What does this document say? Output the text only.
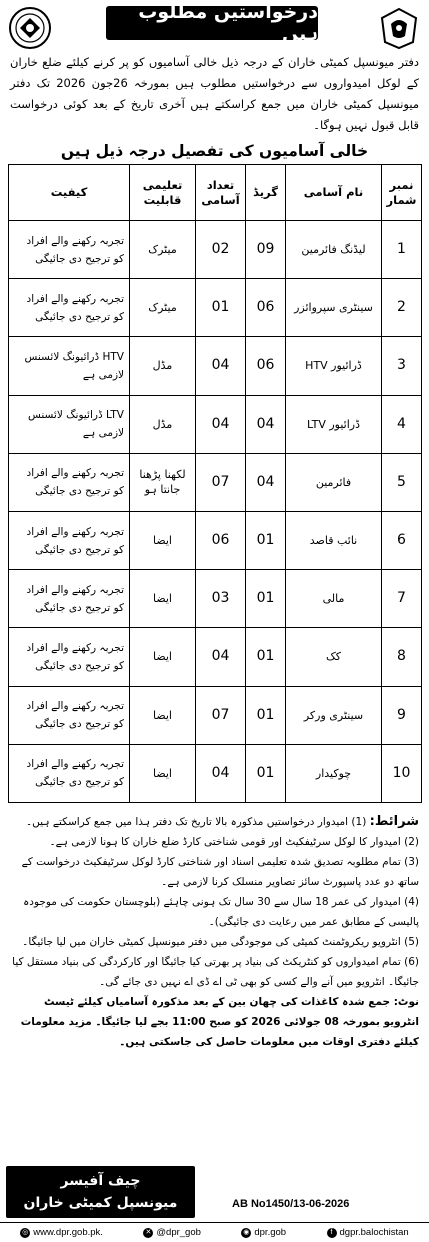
درخواستیں مطلوب ہیں

دفتر میونسپل کمیٹی خاران کے درجہ ذیل خالی آسامیوں کو پر کرنے کیلئے ضلع خاران کے لوکل امیدواروں سے درخواستیں مطلوب ہیں بمورخہ 26جون 2026 تک دفتر میونسپل کمیٹی خاران میں جمع کراسکتے ہیں آخری تاریخ کے بعد کوئی درخواست قابل قبول نہیں ہوگا۔

خالی آسامیوں کی تفصیل درجہ ذیل ہیں
نمبر شمار	نام آسامی	گریڈ	تعداد آسامی	تعلیمی قابلیت	کیفیت
1	لیڈنگ فائرمین	09	02	میٹرک	تجربہ رکھنے والے افراد کو ترجیح دی جائیگی
2	سینٹری سپروائزر	06	01	میٹرک	تجربہ رکھنے والے افراد کو ترجیح دی جائیگی
3	ڈرائیور HTV	06	04	مڈل	HTV ڈرائیونگ لائسنس لازمی ہے
4	ڈرائیور LTV	04	04	مڈل	LTV ڈرائیونگ لائسنس لازمی ہے
5	فائرمین	04	07	لکھنا پڑھنا جانتا ہو	تجربہ رکھنے والے افراد کو ترجیح دی جائیگی
6	نائب قاصد	01	06	ایضا	تجربہ رکھنے والے افراد کو ترجیح دی جائیگی
7	مالی	01	03	ایضا	تجربہ رکھنے والے افراد کو ترجیح دی جائیگی
8	کک	01	04	ایضا	تجربہ رکھنے والے افراد کو ترجیح دی جائیگی
9	سینٹری ورکر	01	07	ایضا	تجربہ رکھنے والے افراد کو ترجیح دی جائیگی
10	چوکیدار	01	04	ایضا	تجربہ رکھنے والے افراد کو ترجیح دی جائیگی

شرائط: (1) امیدوار درخواستیں مذکورہ بالا تاریخ تک دفتر ہذا میں جمع کراسکتے ہیں۔

(2) امیدوار کا لوکل سرٹیفکیٹ اور قومی شناختی کارڈ ضلع خاران کا ہونا لازمی ہے۔

(3) تمام مطلوبہ تصدیق شدہ تعلیمی اسناد اور شناختی کارڈ لوکل سرٹیفکیٹ درخواست کے ساتھ دو عدد پاسپورٹ سائز تصاویر منسلک کرنا لازمی ہے۔

(4) امیدوار کی عمر 18 سال سے 30 سال تک ہونی چاہئے (بلوچستان حکومت کی موجودہ پالیسی کے مطابق عمر میں رعایت دی جائیگی)۔

(5) انٹرویو ریکروٹمنٹ کمیٹی کی موجودگی میں دفتر میونسپل کمیٹی خاران میں لیا جائیگا۔

(6) تمام امیدواروں کو کنٹریکٹ کی بنیاد پر بھرتی کیا جائیگا اور کارکردگی کی بنیاد مستقل کیا جائیگا۔ انٹرویو میں آنے والے کسی کو بھی ٹی اے ڈی اے نہیں دی جائے گی۔

نوٹ: جمع شدہ کاغذات کی چھان بین کے بعد مذکورہ آسامیاں کیلئے ٹیسٹ انٹرویو بمورخہ 08 جولائی 2026 کو صبح 11:00 بجے لیا جائیگا۔ مزید معلومات کیلئے دفتری اوقات میں معلومات حاصل کی جاسکتی ہیں۔

چیف آفیسر
میونسپل کمیٹی خاران	AB No1450/13-06-2026
◎ www.dpr.gob.pk.	✕ @dpr_gob	◉ dpr.gob	f dgpr.balochistan
